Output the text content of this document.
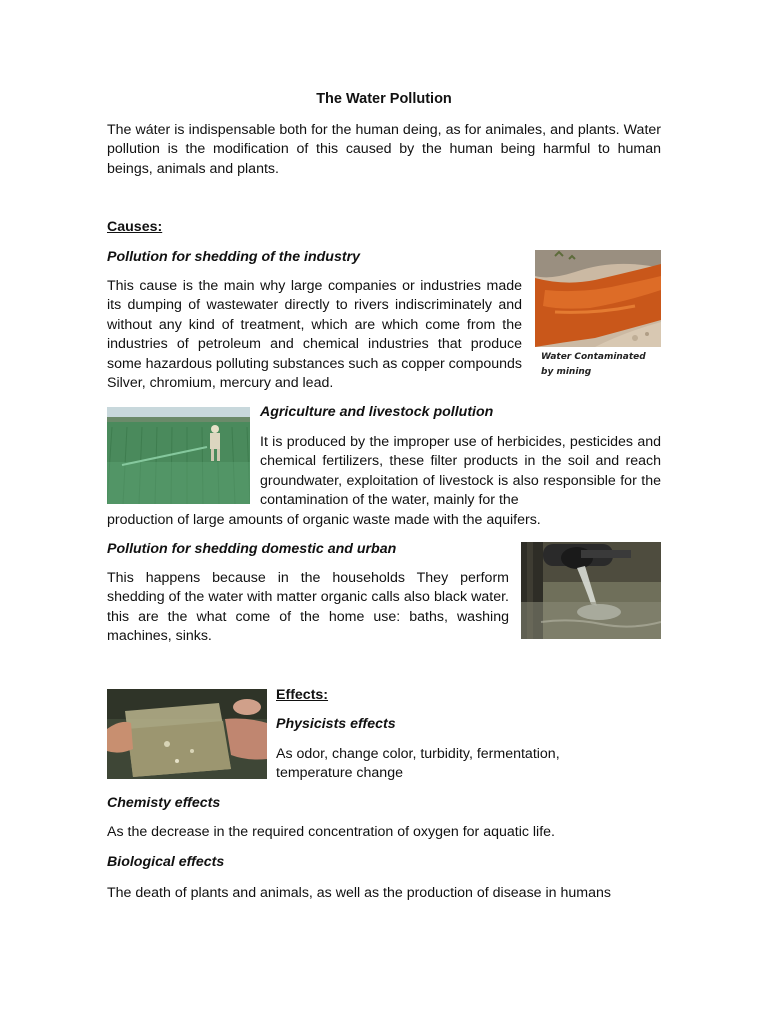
The Water Pollution

The wáter is indispensable both for the human deing, as for animales, and plants. Water pollution is the modification of this caused by the human being harmful to human beings, animals and plants.

Causes:
Pollution for shedding of the industry

This cause is the main why large companies or industries made its dumping of wastewater directly to rivers indiscriminately and without any kind of treatment, which are which come from the industries of petroleum and chemical industries that produce some hazardous polluting substances such as copper compounds Silver, chromium, mercury and lead.

Water Contaminated by mining
Agriculture and livestock pollution

It is produced by the improper use of herbicides, pesticides and chemical fertilizers, these filter products in the soil and reach groundwater, exploitation of livestock is also responsible for the contamination of the water, mainly for the

production of large amounts of organic waste made with the aquifers.

Pollution for shedding domestic and urban

This happens because in the households They perform shedding of the water with matter organic calls also black water. this are the what come of the home use: baths, washing machines, sinks.

Effects:
Physicists effects

As odor, change color, turbidity, fermentation, temperature change

Chemisty effects

As the decrease in the required concentration of oxygen for aquatic life.

Biological effects

The death of plants and animals, as well as the production of disease in humans
